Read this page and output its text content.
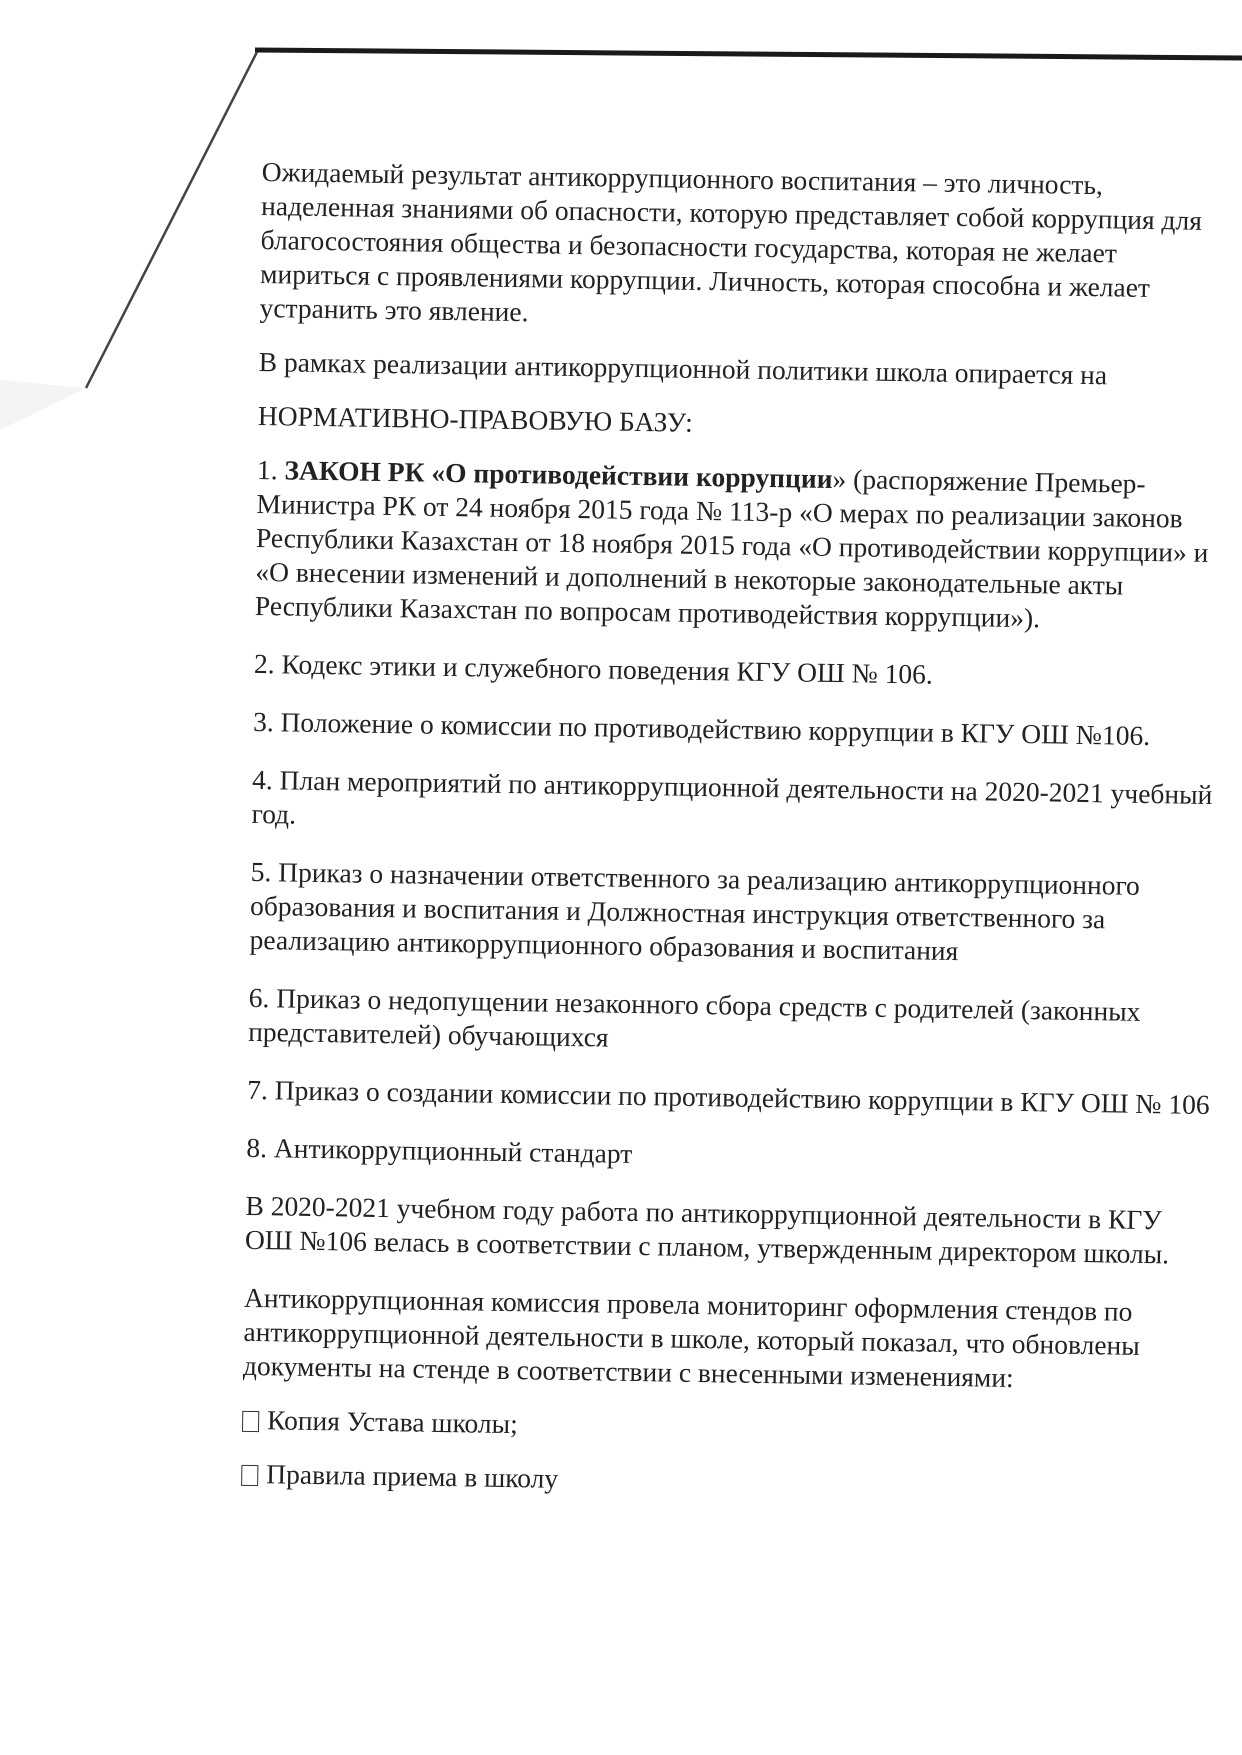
Ожидаемый результат антикоррупционного воспитания – это личность, наделенная знаниями об опасности, которую представляет собой коррупция для благосостояния общества и безопасности государства, которая не желает мириться с проявлениями коррупции. Личность, которая способна и желает устранить это явление.

В рамках реализации антикоррупционной политики школа опирается на

НОРМАТИВНО-ПРАВОВУЮ БАЗУ:

1. ЗАКОН РК «О противодействии коррупции» (распоряжение Премьер-Министра РК от 24 ноября 2015 года № 113-р «О мерах по реализации законов Республики Казахстан от 18 ноября 2015 года «О противодействии коррупции» и «О внесении изменений и дополнений в некоторые законодательные акты Республики Казахстан по вопросам противодействия коррупции»).

2. Кодекс этики и служебного поведения КГУ ОШ № 106.

3. Положение о комиссии по противодействию коррупции в КГУ ОШ №106.

4. План мероприятий по антикоррупционной деятельности на 2020-2021 учебный год.

5. Приказ о назначении ответственного за реализацию антикоррупционного образования и воспитания и Должностная инструкция ответственного за реализацию антикоррупционного образования и воспитания

6. Приказ о недопущении незаконного сбора средств с родителей (законных представителей) обучающихся

7. Приказ о создании комиссии по противодействию коррупции в КГУ ОШ № 106

8. Антикоррупционный стандарт

В 2020-2021 учебном году работа по антикоррупционной деятельности в КГУ ОШ №106 велась в соответствии с планом, утвержденным директором школы.

Антикоррупционная комиссия провела мониторинг оформления стендов по антикоррупционной деятельности в школе, который показал, что обновлены документы на стенде в соответствии с внесенными изменениями:

Копия Устава школы;

Правила приема в школу
